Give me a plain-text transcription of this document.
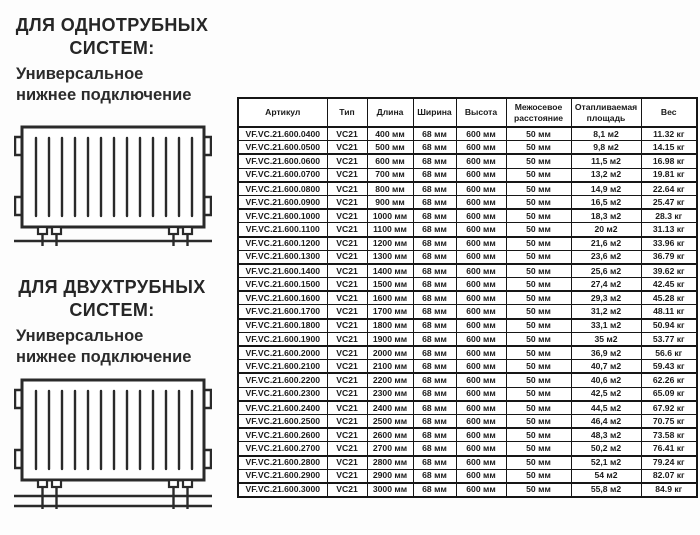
ДЛЯ ОДНОТРУБНЫХ
СИСТЕМ:
Универсальное
нижнее подключение
ДЛЯ ДВУХТРУБНЫХ
СИСТЕМ:
Универсальное
нижнее подключение
Артикул	Тип	Длина	Ширина	Высота	Межосевое расстояние	Отапливаемая площадь	Вес
VF.VC.21.600.0400	VC21	400 мм	68 мм	600 мм	50 мм	8,1 м2	11.32 кг
VF.VC.21.600.0500	VC21	500 мм	68 мм	600 мм	50 мм	9,8 м2	14.15 кг
VF.VC.21.600.0600	VC21	600 мм	68 мм	600 мм	50 мм	11,5 м2	16.98 кг
VF.VC.21.600.0700	VC21	700 мм	68 мм	600 мм	50 мм	13,2 м2	19.81 кг
VF.VC.21.600.0800	VC21	800 мм	68 мм	600 мм	50 мм	14,9 м2	22.64 кг
VF.VC.21.600.0900	VC21	900 мм	68 мм	600 мм	50 мм	16,5 м2	25.47 кг
VF.VC.21.600.1000	VC21	1000 мм	68 мм	600 мм	50 мм	18,3 м2	28.3 кг
VF.VC.21.600.1100	VC21	1100 мм	68 мм	600 мм	50 мм	20 м2	31.13 кг
VF.VC.21.600.1200	VC21	1200 мм	68 мм	600 мм	50 мм	21,6 м2	33.96 кг
VF.VC.21.600.1300	VC21	1300 мм	68 мм	600 мм	50 мм	23,6 м2	36.79 кг
VF.VC.21.600.1400	VC21	1400 мм	68 мм	600 мм	50 мм	25,6 м2	39.62 кг
VF.VC.21.600.1500	VC21	1500 мм	68 мм	600 мм	50 мм	27,4 м2	42.45 кг
VF.VC.21.600.1600	VC21	1600 мм	68 мм	600 мм	50 мм	29,3 м2	45.28 кг
VF.VC.21.600.1700	VC21	1700 мм	68 мм	600 мм	50 мм	31,2 м2	48.11 кг
VF.VC.21.600.1800	VC21	1800 мм	68 мм	600 мм	50 мм	33,1 м2	50.94 кг
VF.VC.21.600.1900	VC21	1900 мм	68 мм	600 мм	50 мм	35 м2	53.77 кг
VF.VC.21.600.2000	VC21	2000 мм	68 мм	600 мм	50 мм	36,9 м2	56.6 кг
VF.VC.21.600.2100	VC21	2100 мм	68 мм	600 мм	50 мм	40,7 м2	59.43 кг
VF.VC.21.600.2200	VC21	2200 мм	68 мм	600 мм	50 мм	40,6 м2	62.26 кг
VF.VC.21.600.2300	VC21	2300 мм	68 мм	600 мм	50 мм	42,5 м2	65.09 кг
VF.VC.21.600.2400	VC21	2400 мм	68 мм	600 мм	50 мм	44,5 м2	67.92 кг
VF.VC.21.600.2500	VC21	2500 мм	68 мм	600 мм	50 мм	46,4 м2	70.75 кг
VF.VC.21.600.2600	VC21	2600 мм	68 мм	600 мм	50 мм	48,3 м2	73.58 кг
VF.VC.21.600.2700	VC21	2700 мм	68 мм	600 мм	50 мм	50,2 м2	76.41 кг
VF.VC.21.600.2800	VC21	2800 мм	68 мм	600 мм	50 мм	52,1 м2	79.24 кг
VF.VC.21.600.2900	VC21	2900 мм	68 мм	600 мм	50 мм	54 м2	82.07 кг
VF.VC.21.600.3000	VC21	3000 мм	68 мм	600 мм	50 мм	55,8 м2	84.9 кг
